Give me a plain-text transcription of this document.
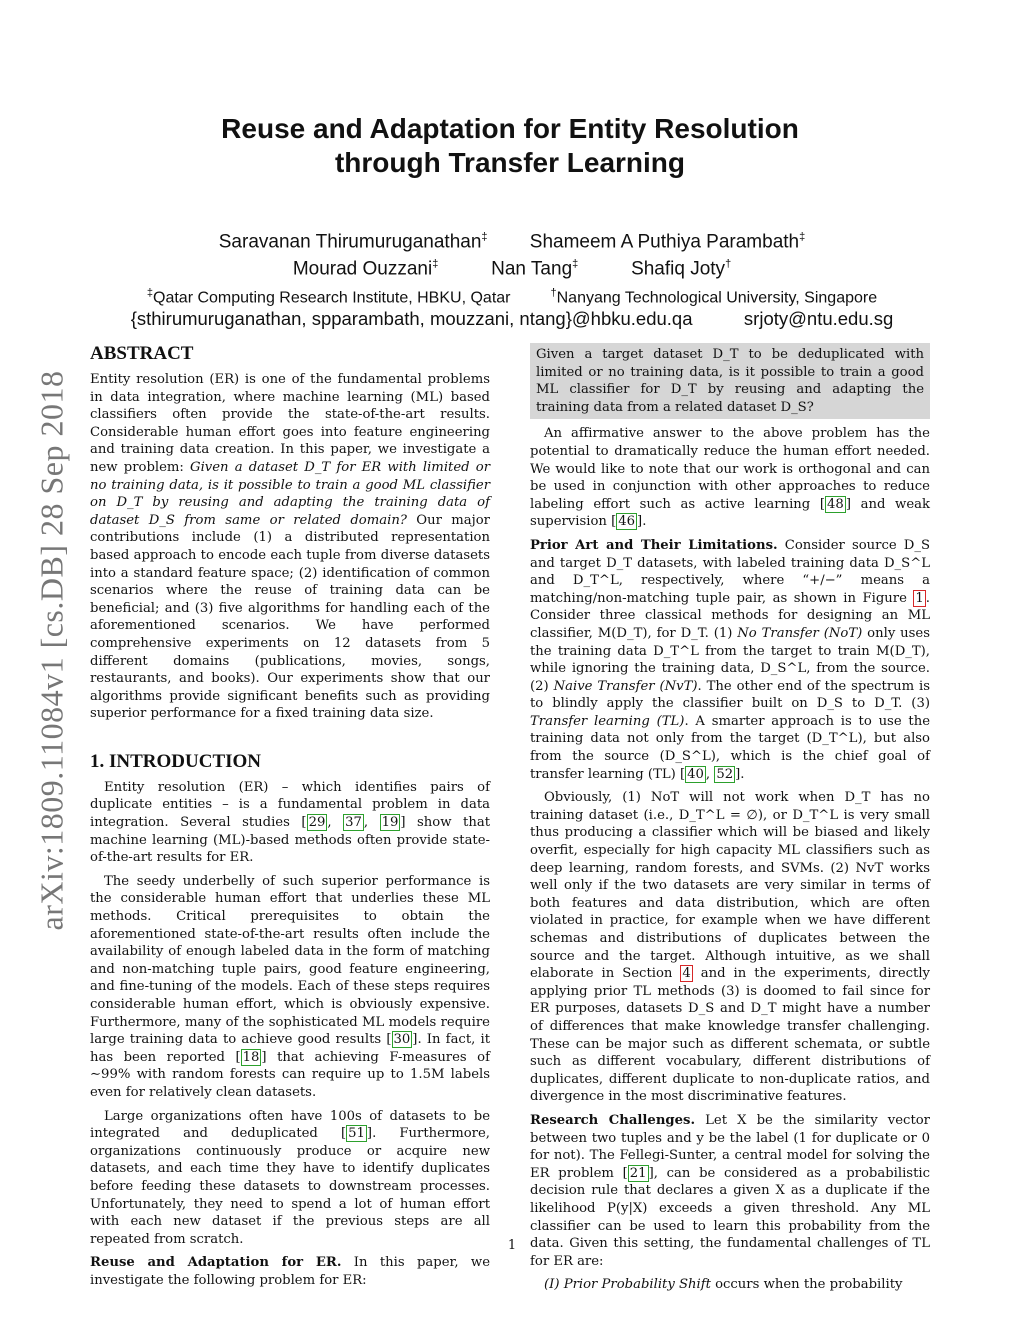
arXiv:1809.11084v1 [cs.DB] 28 Sep 2018
Reuse and Adaptation for Entity Resolution
through Transfer Learning
Saravanan Thirumuruganathan‡ Shameem A Puthiya Parambath‡
Mourad Ouzzani‡	Nan Tang‡	Shafiq Joty†
‡Qatar Computing Research Institute, HBKU, Qatar	†Nanyang Technological University, Singapore
{sthirumuruganathan, spparambath, mouzzani, ntang}@hbku.edu.qa	srjoty@ntu.edu.sg
ABSTRACT

Entity resolution (ER) is one of the fundamental problems in data integration, where machine learning (ML) based classifiers often provide the state-of-the-art results. Considerable human effort goes into feature engineering and training data creation. In this paper, we investigate a new problem: Given a dataset D_T for ER with limited or no training data, is it possible to train a good ML classifier on D_T by reusing and adapting the training data of dataset D_S from same or related domain? Our major contributions include (1) a distributed representation based approach to encode each tuple from diverse datasets into a standard feature space; (2) identification of common scenarios where the reuse of training data can be beneficial; and (3) five algorithms for handling each of the aforementioned scenarios. We have performed comprehensive experiments on 12 datasets from 5 different domains (publications, movies, songs, restaurants, and books). Our experiments show that our algorithms provide significant benefits such as providing superior performance for a fixed training data size.

1. INTRODUCTION

Entity resolution (ER) – which identifies pairs of duplicate entities – is a fundamental problem in data integration. Several studies [ 29 , 37 , 19 ] show that machine learning (ML)-based methods often provide state-of-the-art results for ER.

The seedy underbelly of such superior performance is the considerable human effort that underlies these ML methods. Critical prerequisites to obtain the aforementioned state-of-the-art results often include the availability of enough labeled data in the form of matching and non-matching tuple pairs, good feature engineering, and fine-tuning of the models. Each of these steps requires considerable human effort, which is obviously expensive. Furthermore, many of the sophisticated ML models require large training data to achieve good results [ 30 ]. In fact, it has been reported [ 18 ] that achieving F-measures of ∼99% with random forests can require up to 1.5M labels even for relatively clean datasets.

Large organizations often have 100s of datasets to be integrated and deduplicated [ 51 ]. Furthermore, organizations continuously produce or acquire new datasets, and each time they have to identify duplicates before feeding these datasets to downstream processes. Unfortunately, they need to spend a lot of human effort with each new dataset if the previous steps are all repeated from scratch.

Reuse and Adaptation for ER. In this paper, we investigate the following problem for ER:

Given a target dataset D_T to be deduplicated with limited or no training data, is it possible to train a good ML classifier for D_T by reusing and adapting the training data from a related dataset D_S?

An affirmative answer to the above problem has the potential to dramatically reduce the human effort needed. We would like to note that our work is orthogonal and can be used in conjunction with other approaches to reduce labeling effort such as active learning [ 48 ] and weak supervision [ 46 ].

Prior Art and Their Limitations. Consider source D_S and target D_T datasets, with labeled training data D_S^L and D_T^L, respectively, where “+/−” means a matching/non-matching tuple pair, as shown in Figure 1 . Consider three classical methods for designing an ML classifier, M(D_T), for D_T. (1) No Transfer (NoT) only uses the training data D_T^L from the target to train M(D_T), while ignoring the training data, D_S^L, from the source. (2) Naive Transfer (NvT). The other end of the spectrum is to blindly apply the classifier built on D_S to D_T. (3) Transfer learning (TL). A smarter approach is to use the training data not only from the target (D_T^L), but also from the source (D_S^L), which is the chief goal of transfer learning (TL) [ 40 , 52 ].

Obviously, (1) NoT will not work when D_T has no training dataset (i.e., D_T^L = ∅), or D_T^L is very small thus producing a classifier which will be biased and likely overfit, especially for high capacity ML classifiers such as deep learning, random forests, and SVMs. (2) NvT works well only if the two datasets are very similar in terms of both features and data distribution, which are often violated in practice, for example when we have different schemas and distributions of duplicates between the source and the target. Although intuitive, as we shall elaborate in Section 4 and in the experiments, directly applying prior TL methods (3) is doomed to fail since for ER purposes, datasets D_S and D_T might have a number of differences that make knowledge transfer challenging. These can be major such as different schemata, or subtle such as different vocabulary, different distributions of duplicates, different duplicate to non-duplicate ratios, and divergence in the most discriminative features.

Research Challenges. Let X be the similarity vector between two tuples and y be the label (1 for duplicate or 0 for not). The Fellegi-Sunter, a central model for solving the ER problem [ 21 ], can be considered as a probabilistic decision rule that declares a given X as a duplicate if the likelihood P(y|X) exceeds a given threshold. Any ML classifier can be used to learn this probability from the data. Given this setting, the fundamental challenges of TL for ER are:

(I) Prior Probability Shift occurs when the probability

1
